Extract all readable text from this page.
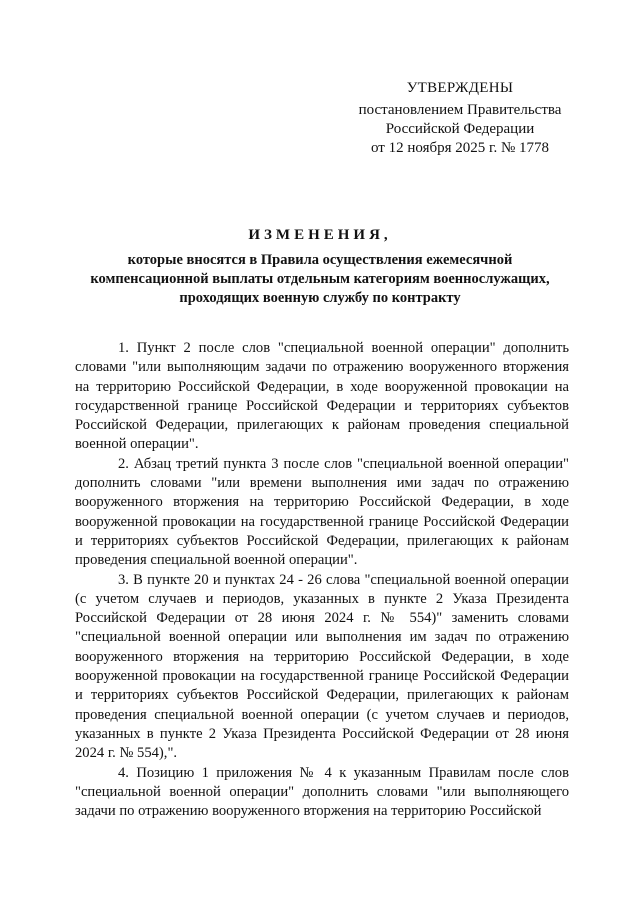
УТВЕРЖДЕНЫ
постановлением Правительства
Российской Федерации
от 12 ноября 2025 г. № 1778
ИЗМЕНЕНИЯ,
которые вносятся в Правила осуществления ежемесячной
компенсационной выплаты отдельным категориям военнослужащих,
проходящих военную службу по контракту

1. Пункт 2 после слов "специальной военной операции" дополнить словами "или выполняющим задачи по отражению вооруженного вторжения на территорию Российской Федерации, в ходе вооруженной провокации на государственной границе Российской Федерации и территориях субъектов Российской Федерации, прилегающих к районам проведения специальной военной операции".

2. Абзац третий пункта 3 после слов "специальной военной операции" дополнить словами "или времени выполнения ими задач по отражению вооруженного вторжения на территорию Российской Федерации, в ходе вооруженной провокации на государственной границе Российской Федерации и территориях субъектов Российской Федерации, прилегающих к районам проведения специальной военной операции".

3. В пункте 20 и пунктах 24 - 26 слова "специальной военной операции (с учетом случаев и периодов, указанных в пункте 2 Указа Президента Российской Федерации от 28 июня 2024 г. № 554)" заменить словами "специальной военной операции или выполнения им задач по отражению вооруженного вторжения на территорию Российской Федерации, в ходе вооруженной провокации на государственной границе Российской Федерации и территориях субъектов Российской Федерации, прилегающих к районам проведения специальной военной операции (с учетом случаев и периодов, указанных в пункте 2 Указа Президента Российской Федерации от 28 июня 2024 г. № 554),".

4. Позицию 1 приложения № 4 к указанным Правилам после слов "специальной военной операции" дополнить словами "или выполняющего задачи по отражению вооруженного вторжения на территорию Российской
